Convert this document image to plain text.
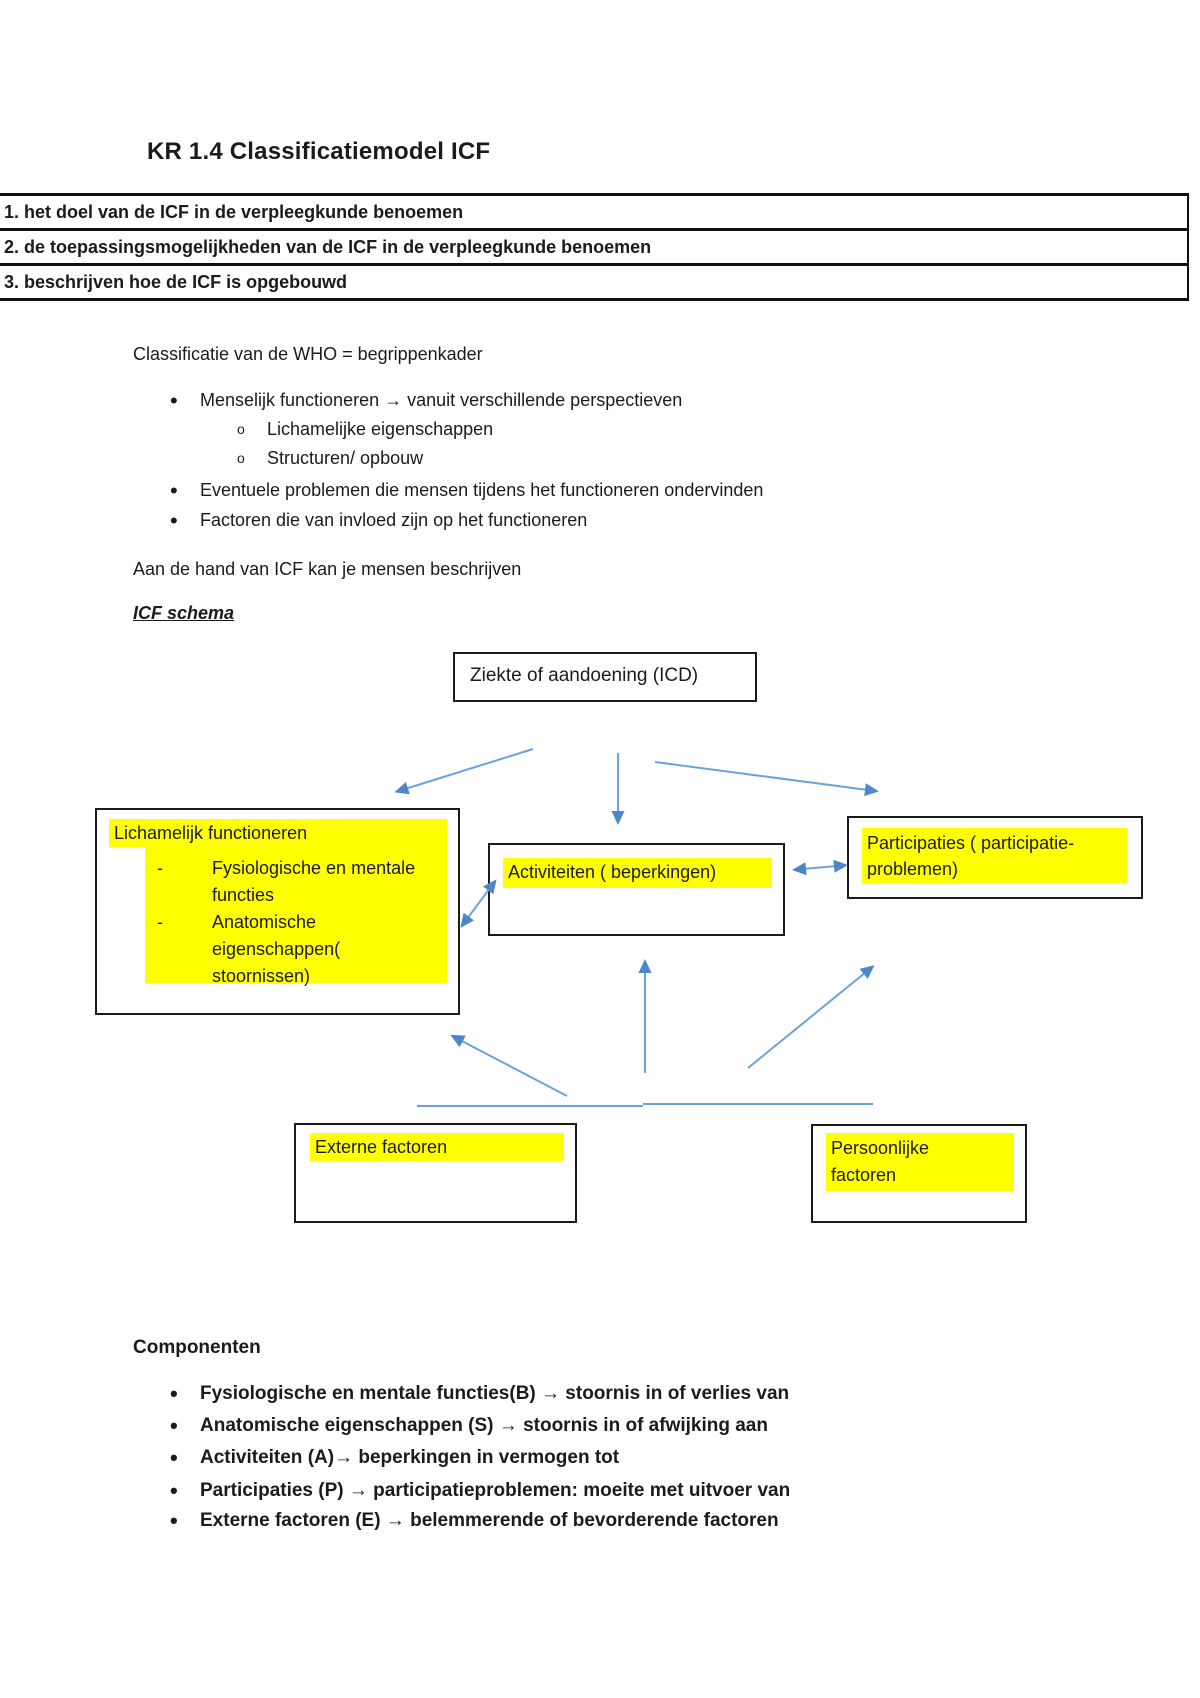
KR 1.4 Classificatiemodel ICF
1. het doel van de ICF in de verpleegkunde benoemen
2. de toepassingsmogelijkheden van de ICF in de verpleegkunde benoemen
3. beschrijven hoe de ICF is opgebouwd
Classificatie van de WHO = begrippenkader
• Menselijk functioneren → vanuit verschillende perspectieven
o Lichamelijke eigenschappen
o Structuren/ opbouw
• Eventuele problemen die mensen tijdens het functioneren ondervinden
• Factoren die van invloed zijn op het functioneren
Aan de hand van ICF kan je mensen beschrijven
ICF schema
Ziekte of aandoening (ICD)
Lichamelijk functioneren
- Fysiologische en mentale
functies
- Anatomische
eigenschappen( stoornissen)
Activiteiten ( beperkingen)
Participaties ( participatie-
problemen)
Externe factoren	Persoonlijke
factoren
Componenten
• Fysiologische en mentale functies(B) → stoornis in of verlies van
• Anatomische eigenschappen (S) → stoornis in of afwijking aan
• Activiteiten (A)→ beperkingen in vermogen tot
• Participaties (P) → participatieproblemen: moeite met uitvoer van
• Externe factoren (E) → belemmerende of bevorderende factoren
